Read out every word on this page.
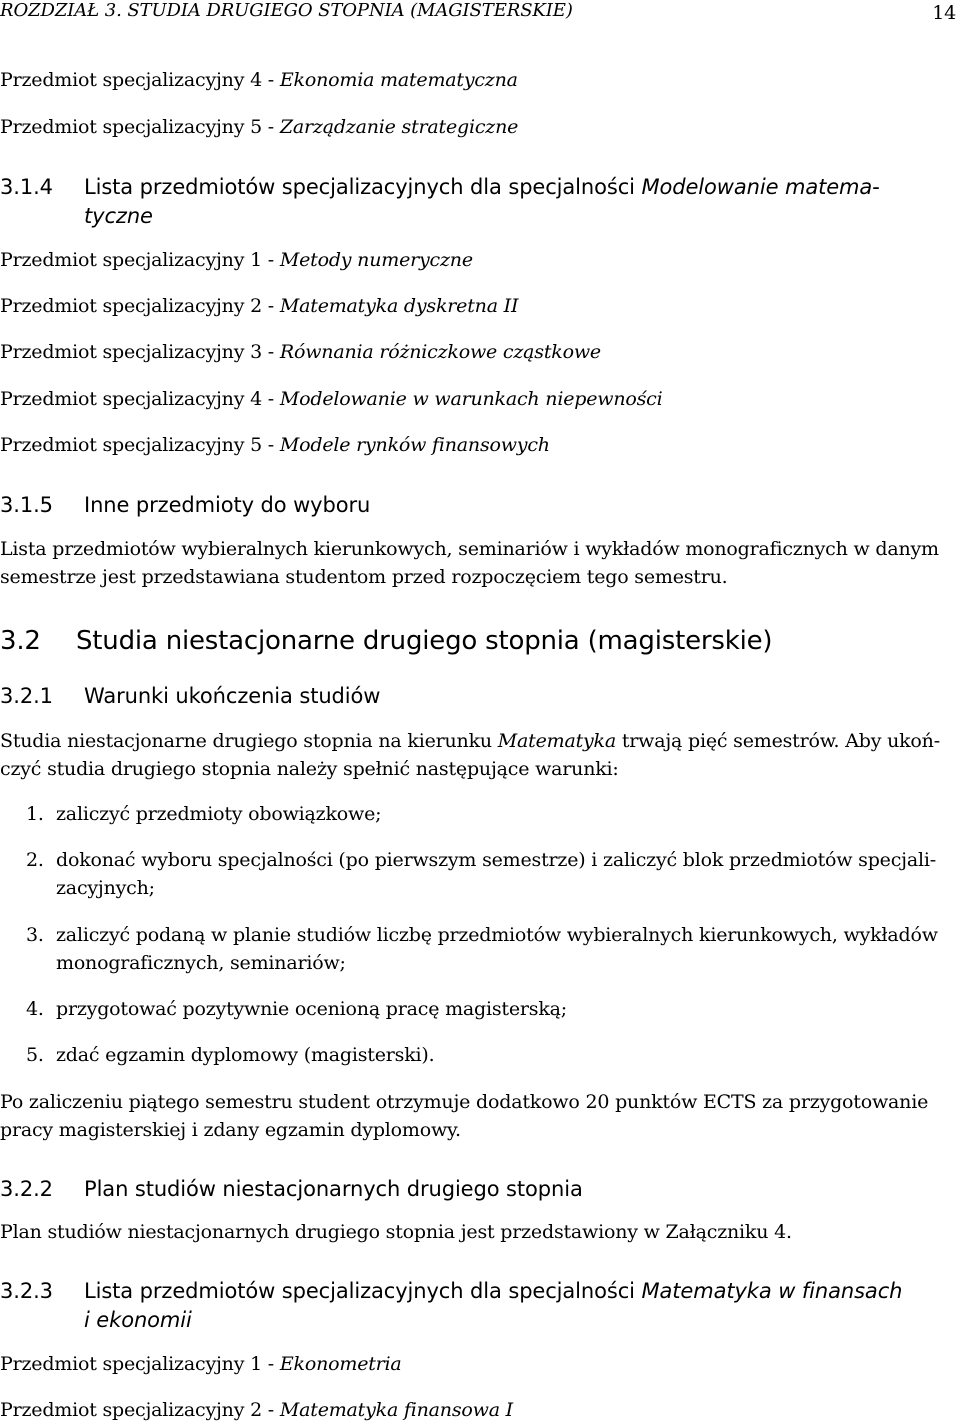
ROZDZIAŁ 3. STUDIA DRUGIEGO STOPNIA (MAGISTERSKIE)	14
Przedmiot specjalizacyjny 4 - Ekonomia matematyczna
Przedmiot specjalizacyjny 5 - Zarządzanie strategiczne
3.1.4 Lista przedmiotów specjalizacyjnych dla specjalności Modelowanie matema-
tyczne
Przedmiot specjalizacyjny 1 - Metody numeryczne
Przedmiot specjalizacyjny 2 - Matematyka dyskretna II
Przedmiot specjalizacyjny 3 - Równania różniczkowe cząstkowe
Przedmiot specjalizacyjny 4 - Modelowanie w warunkach niepewności
Przedmiot specjalizacyjny 5 - Modele rynków finansowych
3.1.5 Inne przedmioty do wyboru
Lista przedmiotów wybieralnych kierunkowych, seminariów i wykładów monograficznych w danym
semestrze jest przedstawiana studentom przed rozpoczęciem tego semestru.
3.2 Studia niestacjonarne drugiego stopnia (magisterskie)
3.2.1 Warunki ukończenia studiów
Studia niestacjonarne drugiego stopnia na kierunku Matematyka trwają pięć semestrów. Aby ukoń-
czyć studia drugiego stopnia należy spełnić następujące warunki:
1. zaliczyć przedmioty obowiązkowe;
2. dokonać wyboru specjalności (po pierwszym semestrze) i zaliczyć blok przedmiotów specjali-
zacyjnych;
3. zaliczyć podaną w planie studiów liczbę przedmiotów wybieralnych kierunkowych, wykładów
monograficznych, seminariów;
4. przygotować pozytywnie ocenioną pracę magisterską;
5. zdać egzamin dyplomowy (magisterski).
Po zaliczeniu piątego semestru student otrzymuje dodatkowo 20 punktów ECTS za przygotowanie
pracy magisterskiej i zdany egzamin dyplomowy.
3.2.2 Plan studiów niestacjonarnych drugiego stopnia
Plan studiów niestacjonarnych drugiego stopnia jest przedstawiony w Załączniku 4.
3.2.3 Lista przedmiotów specjalizacyjnych dla specjalności Matematyka w finansach
i ekonomii
Przedmiot specjalizacyjny 1 - Ekonometria
Przedmiot specjalizacyjny 2 - Matematyka finansowa I
